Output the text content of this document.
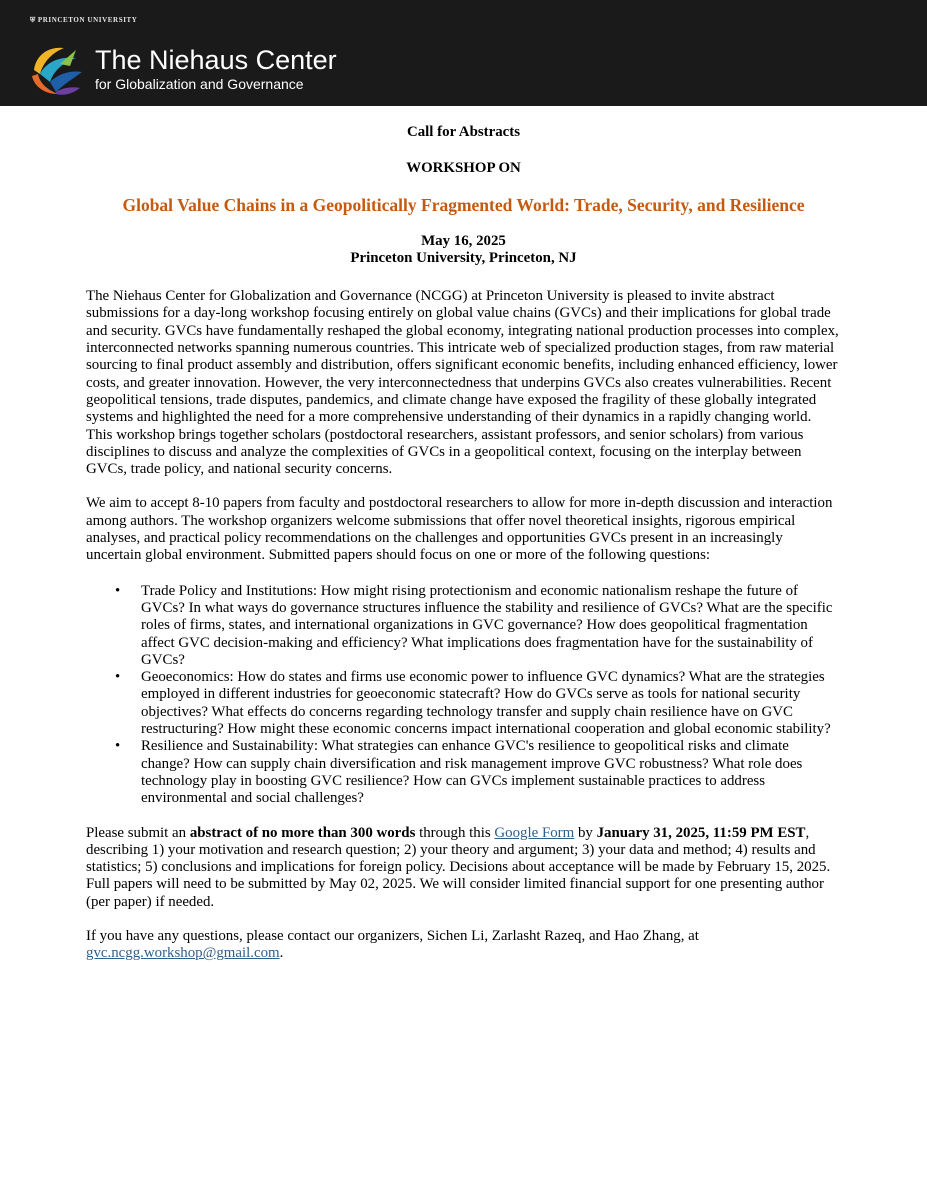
⛨ PRINCETON UNIVERSITY
The Niehaus Center
for Globalization and Governance

Call for Abstracts

WORKSHOP ON

Global Value Chains in a Geopolitically Fragmented World: Trade, Security, and Resilience

May 16, 2025

Princeton University, Princeton, NJ

The Niehaus Center for Globalization and Governance (NCGG) at Princeton University is pleased to invite abstract submissions for a day-long workshop focusing entirely on global value chains (GVCs) and their implications for global trade and security. GVCs have fundamentally reshaped the global economy, integrating national production processes into complex, interconnected networks spanning numerous countries. This intricate web of specialized production stages, from raw material sourcing to final product assembly and distribution, offers significant economic benefits, including enhanced efficiency, lower costs, and greater innovation. However, the very interconnectedness that underpins GVCs also creates vulnerabilities. Recent geopolitical tensions, trade disputes, pandemics, and climate change have exposed the fragility of these globally integrated systems and highlighted the need for a more comprehensive understanding of their dynamics in a rapidly changing world. This workshop brings together scholars (postdoctoral researchers, assistant professors, and senior scholars) from various disciplines to discuss and analyze the complexities of GVCs in a geopolitical context, focusing on the interplay between GVCs, trade policy, and national security concerns.

We aim to accept 8-10 papers from faculty and postdoctoral researchers to allow for more in-depth discussion and interaction among authors. The workshop organizers welcome submissions that offer novel theoretical insights, rigorous empirical analyses, and practical policy recommendations on the challenges and opportunities GVCs present in an increasingly uncertain global environment. Submitted papers should focus on one or more of the following questions:

• Trade Policy and Institutions: How might rising protectionism and economic nationalism reshape the future of GVCs? In what ways do governance structures influence the stability and resilience of GVCs? What are the specific roles of firms, states, and international organizations in GVC governance? How does geopolitical fragmentation affect GVC decision-making and efficiency? What implications does fragmentation have for the sustainability of GVCs?
• Geoeconomics: How do states and firms use economic power to influence GVC dynamics? What are the strategies employed in different industries for geoeconomic statecraft? How do GVCs serve as tools for national security objectives? What effects do concerns regarding technology transfer and supply chain resilience have on GVC restructuring? How might these economic concerns impact international cooperation and global economic stability?
• Resilience and Sustainability: What strategies can enhance GVC's resilience to geopolitical risks and climate change? How can supply chain diversification and risk management improve GVC robustness? What role does technology play in boosting GVC resilience? How can GVCs implement sustainable practices to address environmental and social challenges?

Please submit an abstract of no more than 300 words through this Google Form by January 31, 2025, 11:59 PM EST, describing 1) your motivation and research question; 2) your theory and argument; 3) your data and method; 4) results and statistics; 5) conclusions and implications for foreign policy. Decisions about acceptance will be made by February 15, 2025. Full papers will need to be submitted by May 02, 2025. We will consider limited financial support for one presenting author (per paper) if needed.

If you have any questions, please contact our organizers, Sichen Li, Zarlasht Razeq, and Hao Zhang, at gvc.ncgg.workshop@gmail.com.
